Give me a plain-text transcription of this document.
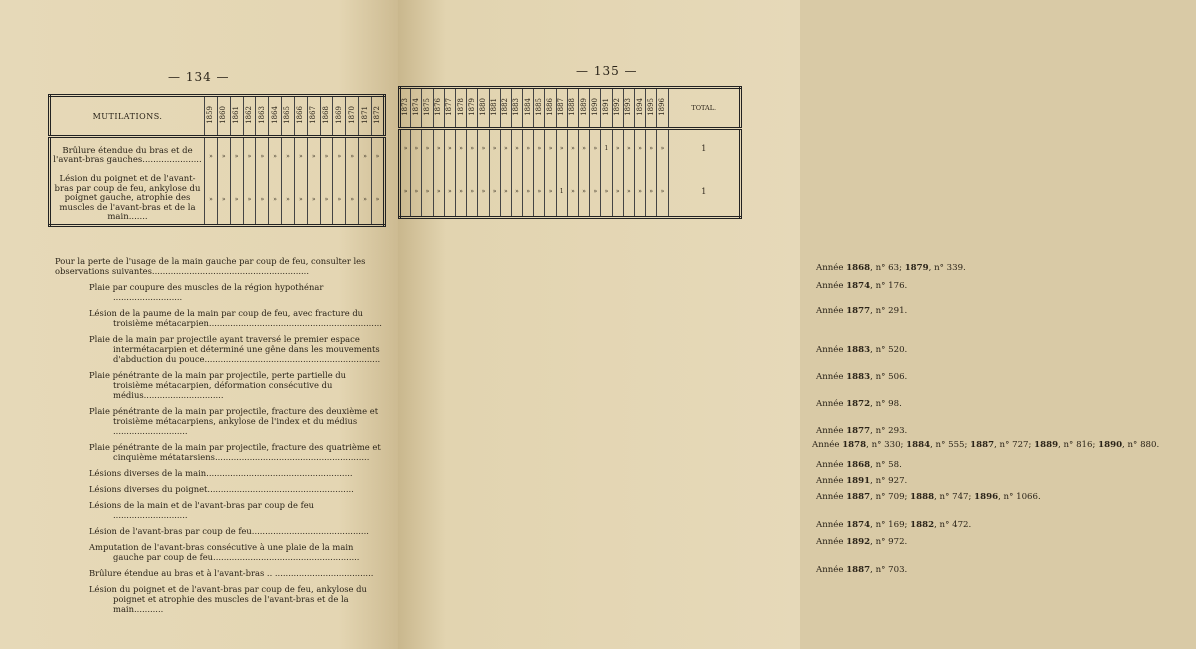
— 134 —
MUTILATIONS.	1859	1860	1861	1862	1863	1864	1865	1866	1867	1868	1869	1870	1871	1872
Brûlure étendue du bras et de l'avant-bras gauches......................	»	»	»	»	»	»	»	»	»	»	»	»	»	»
Lésion du poignet et de l'avant-bras par coup de feu, ankylose du poignet gauche, atrophie des muscles de l'avant-bras et de la main.......	»	»	»	»	»	»	»	»	»	»	»	»	»	»
Pour la perte de l'usage de la main gauche par coup de feu, consulter les observations suivantes...........................................................
Plaie par coupure des muscles de la région hypothénar ..........................
Lésion de la paume de la main par coup de feu, avec fracture du troisième métacarpien.................................................................
Plaie de la main par projectile ayant traversé le premier espace intermétacarpien et déterminé une gêne dans les mouvements d'abduction du pouce..................................................................
Plaie pénétrante de la main par projectile, perte partielle du troisième métacarpien, déformation consécutive du médius..............................
Plaie pénétrante de la main par projectile, fracture des deuxième et troisième métacarpiens, ankylose de l'index et du médius ............................
Plaie pénétrante de la main par projectile, fracture des quatrième et cinquième métatarsiens..........................................................
Lésions diverses de la main.......................................................
Lésions diverses du poignet.......................................................
Lésions de la main et de l'avant-bras par coup de feu ............................
Lésion de l'avant-bras par coup de feu............................................
Amputation de l'avant-bras consécutive à une plaie de la main gauche par coup de feu.......................................................
Brûlure étendue au bras et à l'avant-bras .. .....................................
Lésion du poignet et de l'avant-bras par coup de feu, ankylose du poignet et atrophie des muscles de l'avant-bras et de la main...........
— 135 —
1873	1874	1875	1876	1877	1878	1879	1880	1881	1882	1883	1884	1885	1886	1887	1888	1889	1890	1891	1892	1893	1894	1895	1896	TOTAL.
»	»	»	»	»	»	»	»	»	»	»	»	»	»	»	»	»	»	1	»	»	»	»	»	1
»	»	»	»	»	»	»	»	»	»	»	»	»	»	1	»	»	»	»	»	»	»	»	»	1
Année 1868, n° 63; 1879, n° 339.
Année 1874, n° 176.
Année 1877, n° 291.
Année 1883, n° 520.
Année 1883, n° 506.
Année 1872, n° 98.
Année 1877, n° 293.
Année 1878, n° 330; 1884, n° 555; 1887, n° 727; 1889, n° 816; 1890, n° 880.
Année 1868, n° 58.
Année 1891, n° 927.
Année 1887, n° 709; 1888, n° 747; 1896, n° 1066.
Année 1874, n° 169; 1882, n° 472.
Année 1892, n° 972.
Année 1887, n° 703.
